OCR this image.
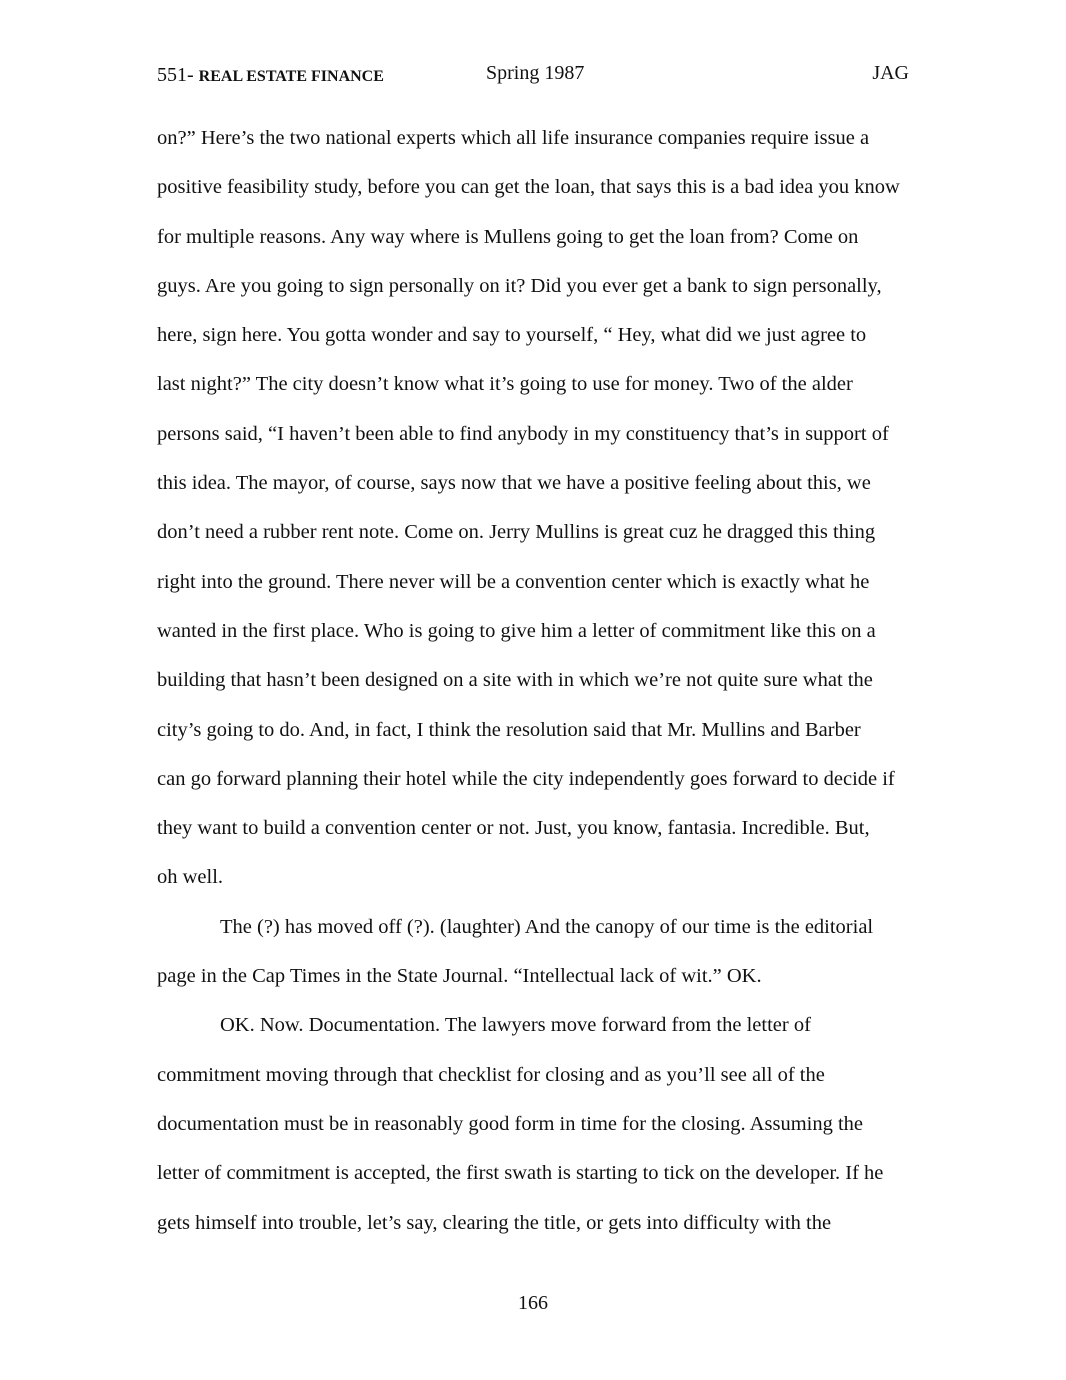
551- REAL ESTATE FINANCE	Spring 1987	JAG
on?” Here’s the two national experts which all life insurance companies require issue a
positive feasibility study, before you can get the loan, that says this is a bad idea you know
for multiple reasons. Any way where is Mullens going to get the loan from? Come on
guys. Are you going to sign personally on it? Did you ever get a bank to sign personally,
here, sign here. You gotta wonder and say to yourself, “ Hey, what did we just agree to
last night?” The city doesn’t know what it’s going to use for money. Two of the alder
persons said, “I haven’t been able to find anybody in my constituency that’s in support of
this idea. The mayor, of course, says now that we have a positive feeling about this, we
don’t need a rubber rent note. Come on. Jerry Mullins is great cuz he dragged this thing
right into the ground. There never will be a convention center which is exactly what he
wanted in the first place. Who is going to give him a letter of commitment like this on a
building that hasn’t been designed on a site with in which we’re not quite sure what the
city’s going to do. And, in fact, I think the resolution said that Mr. Mullins and Barber
can go forward planning their hotel while the city independently goes forward to decide if
they want to build a convention center or not. Just, you know, fantasia. Incredible. But,
oh well.
The (?) has moved off (?). (laughter) And the canopy of our time is the editorial
page in the Cap Times in the State Journal. “Intellectual lack of wit.” OK.
OK. Now. Documentation. The lawyers move forward from the letter of
commitment moving through that checklist for closing and as you’ll see all of the
documentation must be in reasonably good form in time for the closing. Assuming the
letter of commitment is accepted, the first swath is starting to tick on the developer. If he
gets himself into trouble, let’s say, clearing the title, or gets into difficulty with the
166
